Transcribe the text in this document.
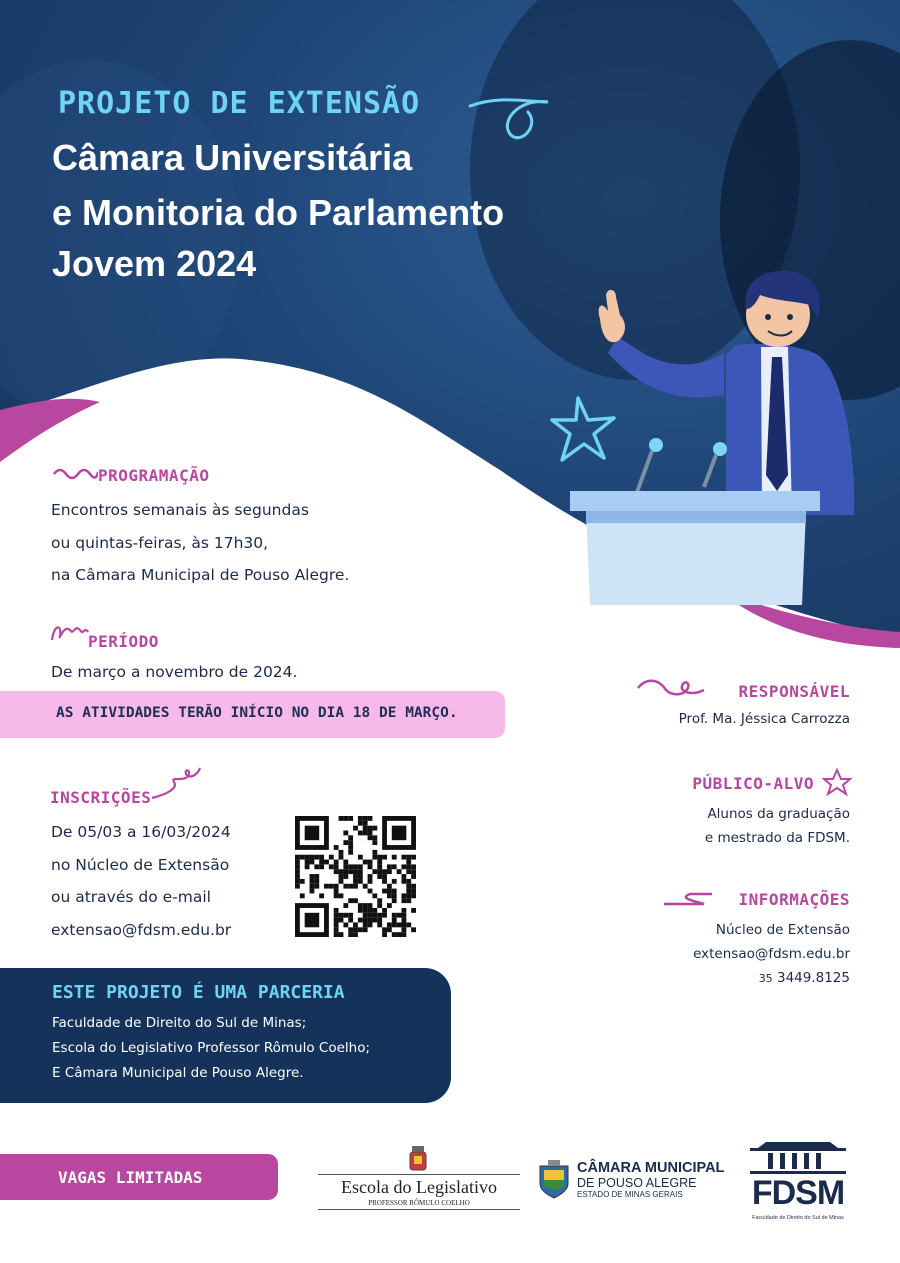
PROJETO DE EXTENSÃO
Câmara Universitária
e Monitoria do Parlamento
Jovem 2024
PROGRAMAÇÃO
Encontros semanais às segundas
ou quintas-feiras, às 17h30,
na Câmara Municipal de Pouso Alegre.
PERÍODO
De março a novembro de 2024.
AS ATIVIDADES TERÃO INÍCIO NO DIA 18 DE MARÇO.
INSCRIÇÕES
De 05/03 a 16/03/2024
no Núcleo de Extensão
ou através do e-mail
extensao@fdsm.edu.br
RESPONSÁVEL
Prof. Ma. Jéssica Carrozza
PÚBLICO-ALVO
Alunos da graduação
e mestrado da FDSM.
INFORMAÇÕES
Núcleo de Extensão
extensao@fdsm.edu.br
35 3449.8125
ESTE PROJETO É UMA PARCERIA
Faculdade de Direito do Sul de Minas;
Escola do Legislativo Professor Rômulo Coelho;
E Câmara Municipal de Pouso Alegre.
VAGAS LIMITADAS	Escola do Legislativo
PROFESSOR RÔMULO COELHO
CÂMARA MUNICIPAL
DE POUSO ALEGRE
ESTADO DE MINAS GERAIS	FDSM
Faculdade de Direito do Sul de Minas
